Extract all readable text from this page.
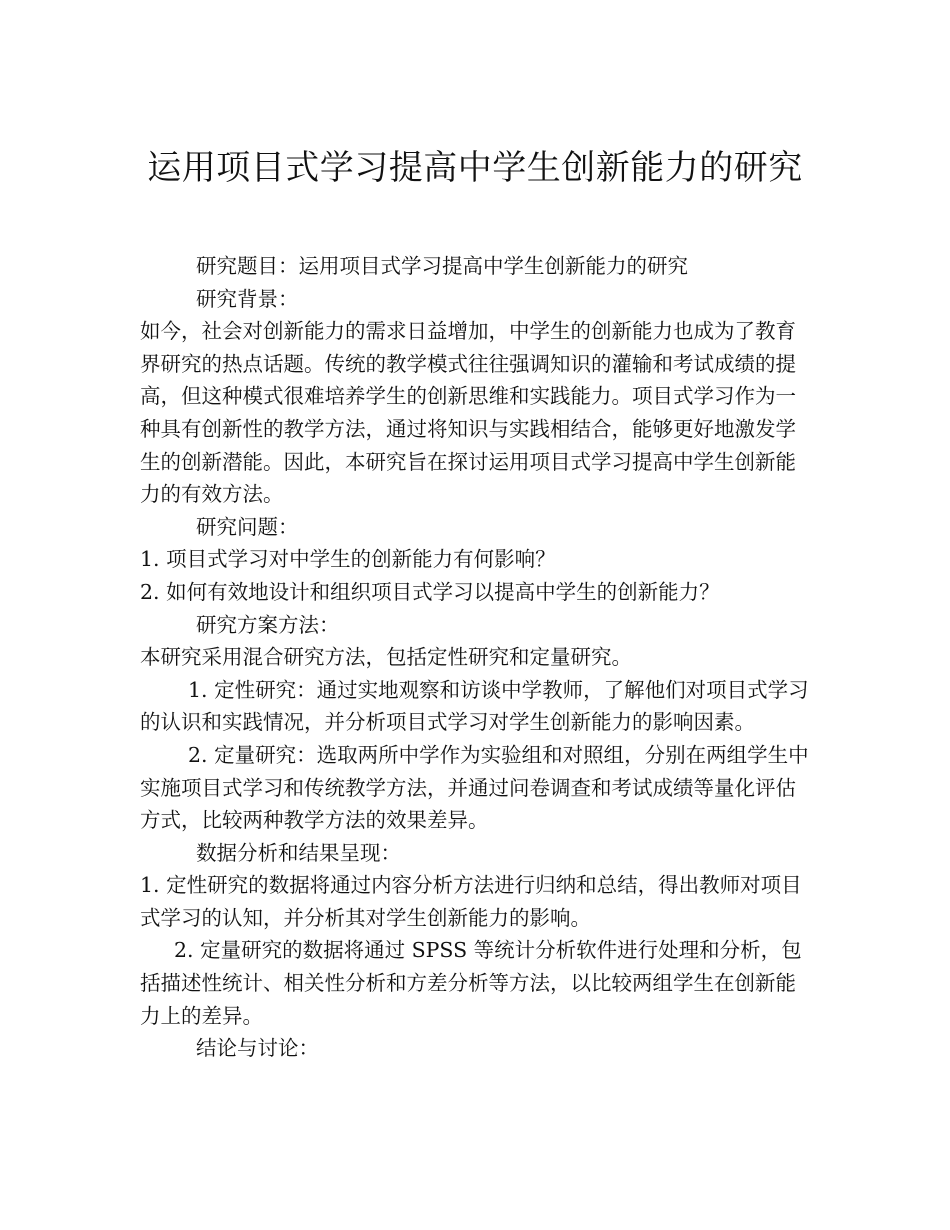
运用项目式学习提高中学生创新能力的研究

研究题目：运用项目式学习提高中学生创新能力的研究

研究背景：

如今，社会对创新能力的需求日益增加，中学生的创新能力也成为了教育界研究的热点话题。传统的教学模式往往强调知识的灌输和考试成绩的提高，但这种模式很难培养学生的创新思维和实践能力。项目式学习作为一种具有创新性的教学方法，通过将知识与实践相结合，能够更好地激发学生的创新潜能。因此，本研究旨在探讨运用项目式学习提高中学生创新能力的有效方法。

研究问题：

1. 项目式学习对中学生的创新能力有何影响？

2. 如何有效地设计和组织项目式学习以提高中学生的创新能力？

研究方案方法：

本研究采用混合研究方法，包括定性研究和定量研究。

1. 定性研究：通过实地观察和访谈中学教师，了解他们对项目式学习的认识和实践情况，并分析项目式学习对学生创新能力的影响因素。

2. 定量研究：选取两所中学作为实验组和对照组，分别在两组学生中实施项目式学习和传统教学方法，并通过问卷调查和考试成绩等量化评估方式，比较两种教学方法的效果差异。

数据分析和结果呈现：

1. 定性研究的数据将通过内容分析方法进行归纳和总结，得出教师对项目式学习的认知，并分析其对学生创新能力的影响。

2. 定量研究的数据将通过 SPSS 等统计分析软件进行处理和分析，包括描述性统计、相关性分析和方差分析等方法，以比较两组学生在创新能力上的差异。

结论与讨论：
